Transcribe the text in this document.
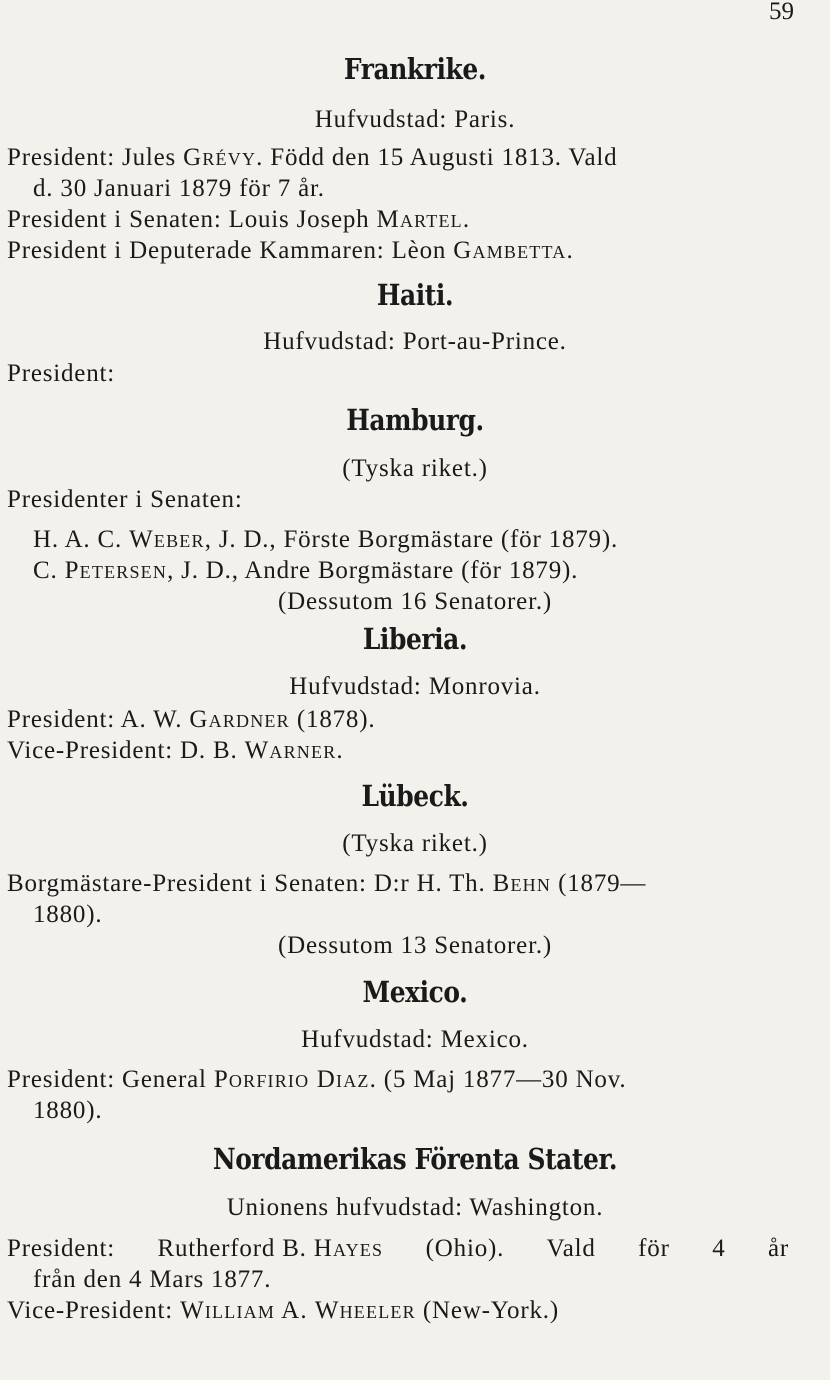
59
Frankrike.
Hufvudstad: Paris.
President: Jules Grévy. Född den 15 Augusti 1813. Vald
d. 30 Januari 1879 för 7 år.
President i Senaten: Louis Joseph Martel.
President i Deputerade Kammaren: Lèon Gambetta.
Haiti.
Hufvudstad: Port-au-Prince.
President:
Hamburg.
(Tyska riket.)
Presidenter i Senaten:
H. A. C. Weber, J. D., Förste Borgmästare (för 1879).
C. Petersen, J. D., Andre Borgmästare (för 1879).
(Dessutom 16 Senatorer.)
Liberia.
Hufvudstad: Monrovia.
President: A. W. Gardner (1878).
Vice-President: D. B. Warner.
Lübeck.
(Tyska riket.)
Borgmästare-President i Senaten: D:r H. Th. Behn (1879—
1880).
(Dessutom 13 Senatorer.)
Mexico.
Hufvudstad: Mexico.
President: General Porfirio Diaz. (5 Maj 1877—30 Nov.
1880).
Nordamerikas Förenta Stater.
Unionens hufvudstad: Washington.
President: Rutherford B. Hayes (Ohio). Vald för 4 år
från den 4 Mars 1877.
Vice-President: William A. Wheeler (New-York.)
